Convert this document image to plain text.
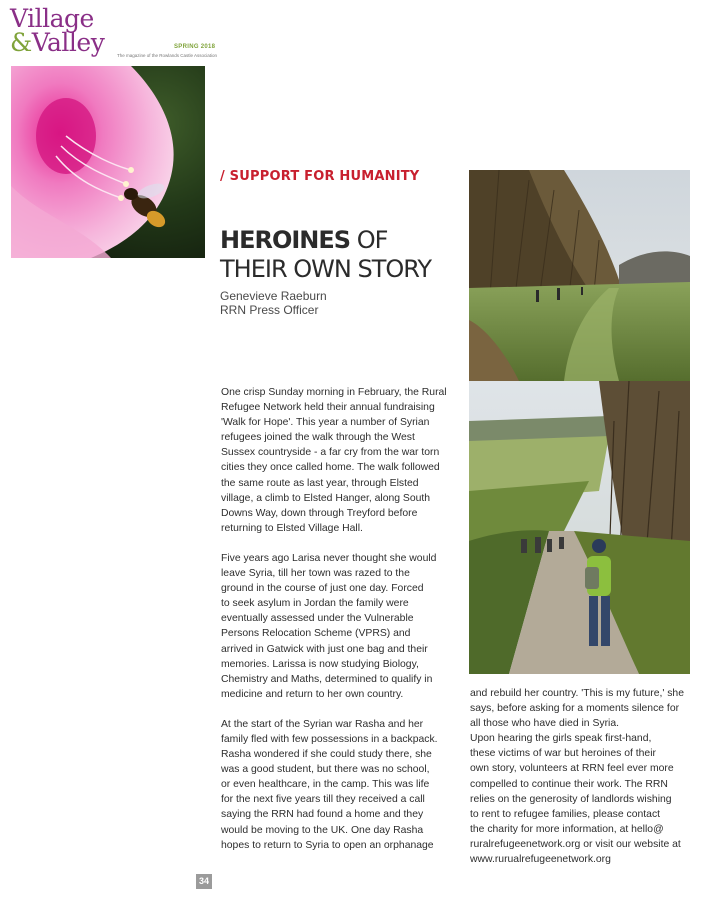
Village
&Valley	SPRING 2018
The magazine of the Rowlands Castle Association
/ SUPPORT FOR HUMANITY
HEROINES OF
THEIR OWN STORY
Genevieve Raeburn
RRN Press Officer
One crisp Sunday morning in February, the Rural
Refugee Network held their annual fundraising
'Walk for Hope'. This year a number of Syrian
refugees joined the walk through the West
Sussex countryside - a far cry from the war torn
cities they once called home. The walk followed
the same route as last year, through Elsted
village, a climb to Elsted Hanger, along South
Downs Way, down through Treyford before
returning to Elsted Village Hall.
Five years ago Larisa never thought she would
leave Syria, till her town was razed to the
ground in the course of just one day. Forced
to seek asylum in Jordan the family were
eventually assessed under the Vulnerable
Persons Relocation Scheme (VPRS) and
arrived in Gatwick with just one bag and their
memories. Larissa is now studying Biology,
Chemistry and Maths, determined to qualify in
medicine and return to her own country.
At the start of the Syrian war Rasha and her
family fled with few possessions in a backpack.
Rasha wondered if she could study there, she
was a good student, but there was no school,
or even healthcare, in the camp. This was life
for the next five years till they received a call
saying the RRN had found a home and they
would be moving to the UK. One day Rasha
hopes to return to Syria to open an orphanage
and rebuild her country. 'This is my future,' she
says, before asking for a moments silence for
all those who have died in Syria.
Upon hearing the girls speak first-hand,
these victims of war but heroines of their
own story, volunteers at RRN feel ever more
compelled to continue their work. The RRN
relies on the generosity of landlords wishing
to rent to refugee families, please contact
the charity for more information, at hello@
ruralrefugeenetwork.org or visit our website at
www.rurualrefugeenetwork.org
34
